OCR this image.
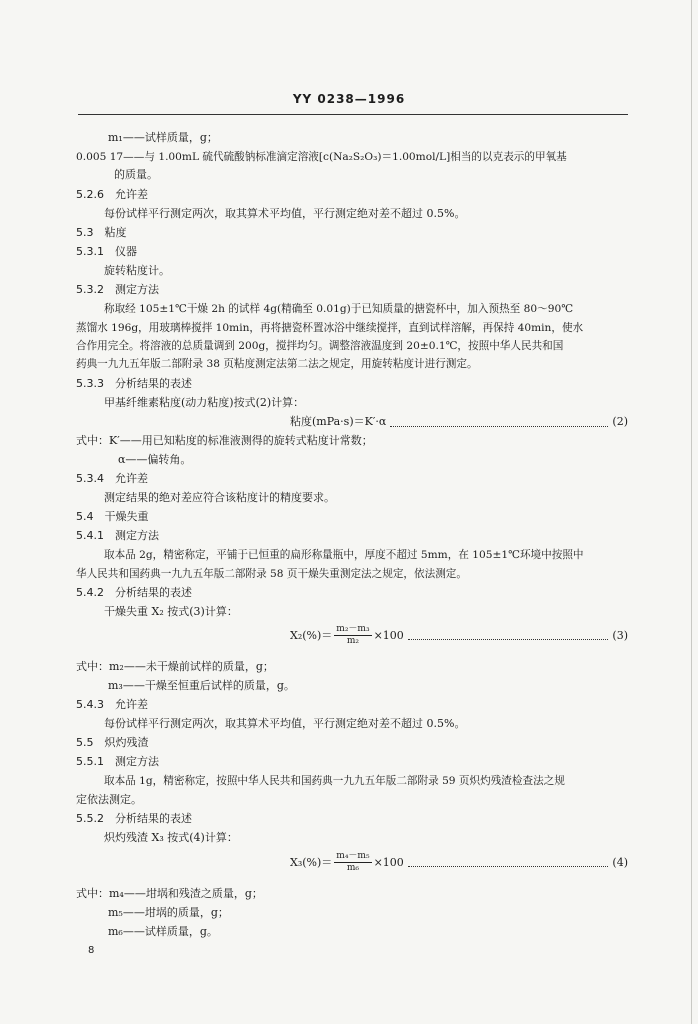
YY 0238—1996
m₁——试样质量，g；
0.005 17——与 1.00mL 硫代硫酸钠标准滴定溶液[c(Na₂S₂O₃)＝1.00mol/L]相当的以克表示的甲氧基
的质量。
5.2.6　允许差
每份试样平行测定两次，取其算术平均值，平行测定绝对差不超过 0.5%。
5.3　粘度
5.3.1　仪器
旋转粘度计。
5.3.2　测定方法
称取经 105±1℃干燥 2h 的试样 4g(精确至 0.01g)于已知质量的搪瓷杯中，加入预热至 80～90℃
蒸馏水 196g，用玻璃棒搅拌 10min，再将搪瓷杯置冰浴中继续搅拌，直到试样溶解，再保持 40min，使水
合作用完全。将溶液的总质量调到 200g，搅拌均匀。调整溶液温度到 20±0.1℃，按照中华人民共和国
药典一九九五年版二部附录 38 页粘度测定法第二法之规定，用旋转粘度计进行测定。
5.3.3　分析结果的表述
甲基纤维素粘度(动力粘度)按式(2)计算：
粘度(mPa·s)＝K′·α	(2)
式中：K′——用已知粘度的标准液测得的旋转式粘度计常数；
α——偏转角。
5.3.4　允许差
测定结果的绝对差应符合该粘度计的精度要求。
5.4　干燥失重
5.4.1　测定方法
取本品 2g，精密称定，平铺于已恒重的扁形称量瓶中，厚度不超过 5mm，在 105±1℃环境中按照中
华人民共和国药典一九九五年版二部附录 58 页干燥失重测定法之规定，依法测定。
5.4.2　分析结果的表述
干燥失重 X₂ 按式(3)计算：
$X_2(\%)= \frac{\text{m₂－m₃}}{\text{m₂}} \times 100$	(3)
式中：m₂——未干燥前试样的质量，g；
m₃——干燥至恒重后试样的质量，g。
5.4.3　允许差
每份试样平行测定两次，取其算术平均值，平行测定绝对差不超过 0.5%。
5.5　炽灼残渣
5.5.1　测定方法
取本品 1g，精密称定，按照中华人民共和国药典一九九五年版二部附录 59 页炽灼残渣检查法之规
定依法测定。
5.5.2　分析结果的表述
炽灼残渣 X₃ 按式(4)计算：
$X_3(\%)= \frac{\text{m₄－m₅}}{\text{m₆}} \times 100$	(4)
式中：m₄——坩埚和残渣之质量，g；
m₅——坩埚的质量，g；
m₆——试样质量，g。
8
